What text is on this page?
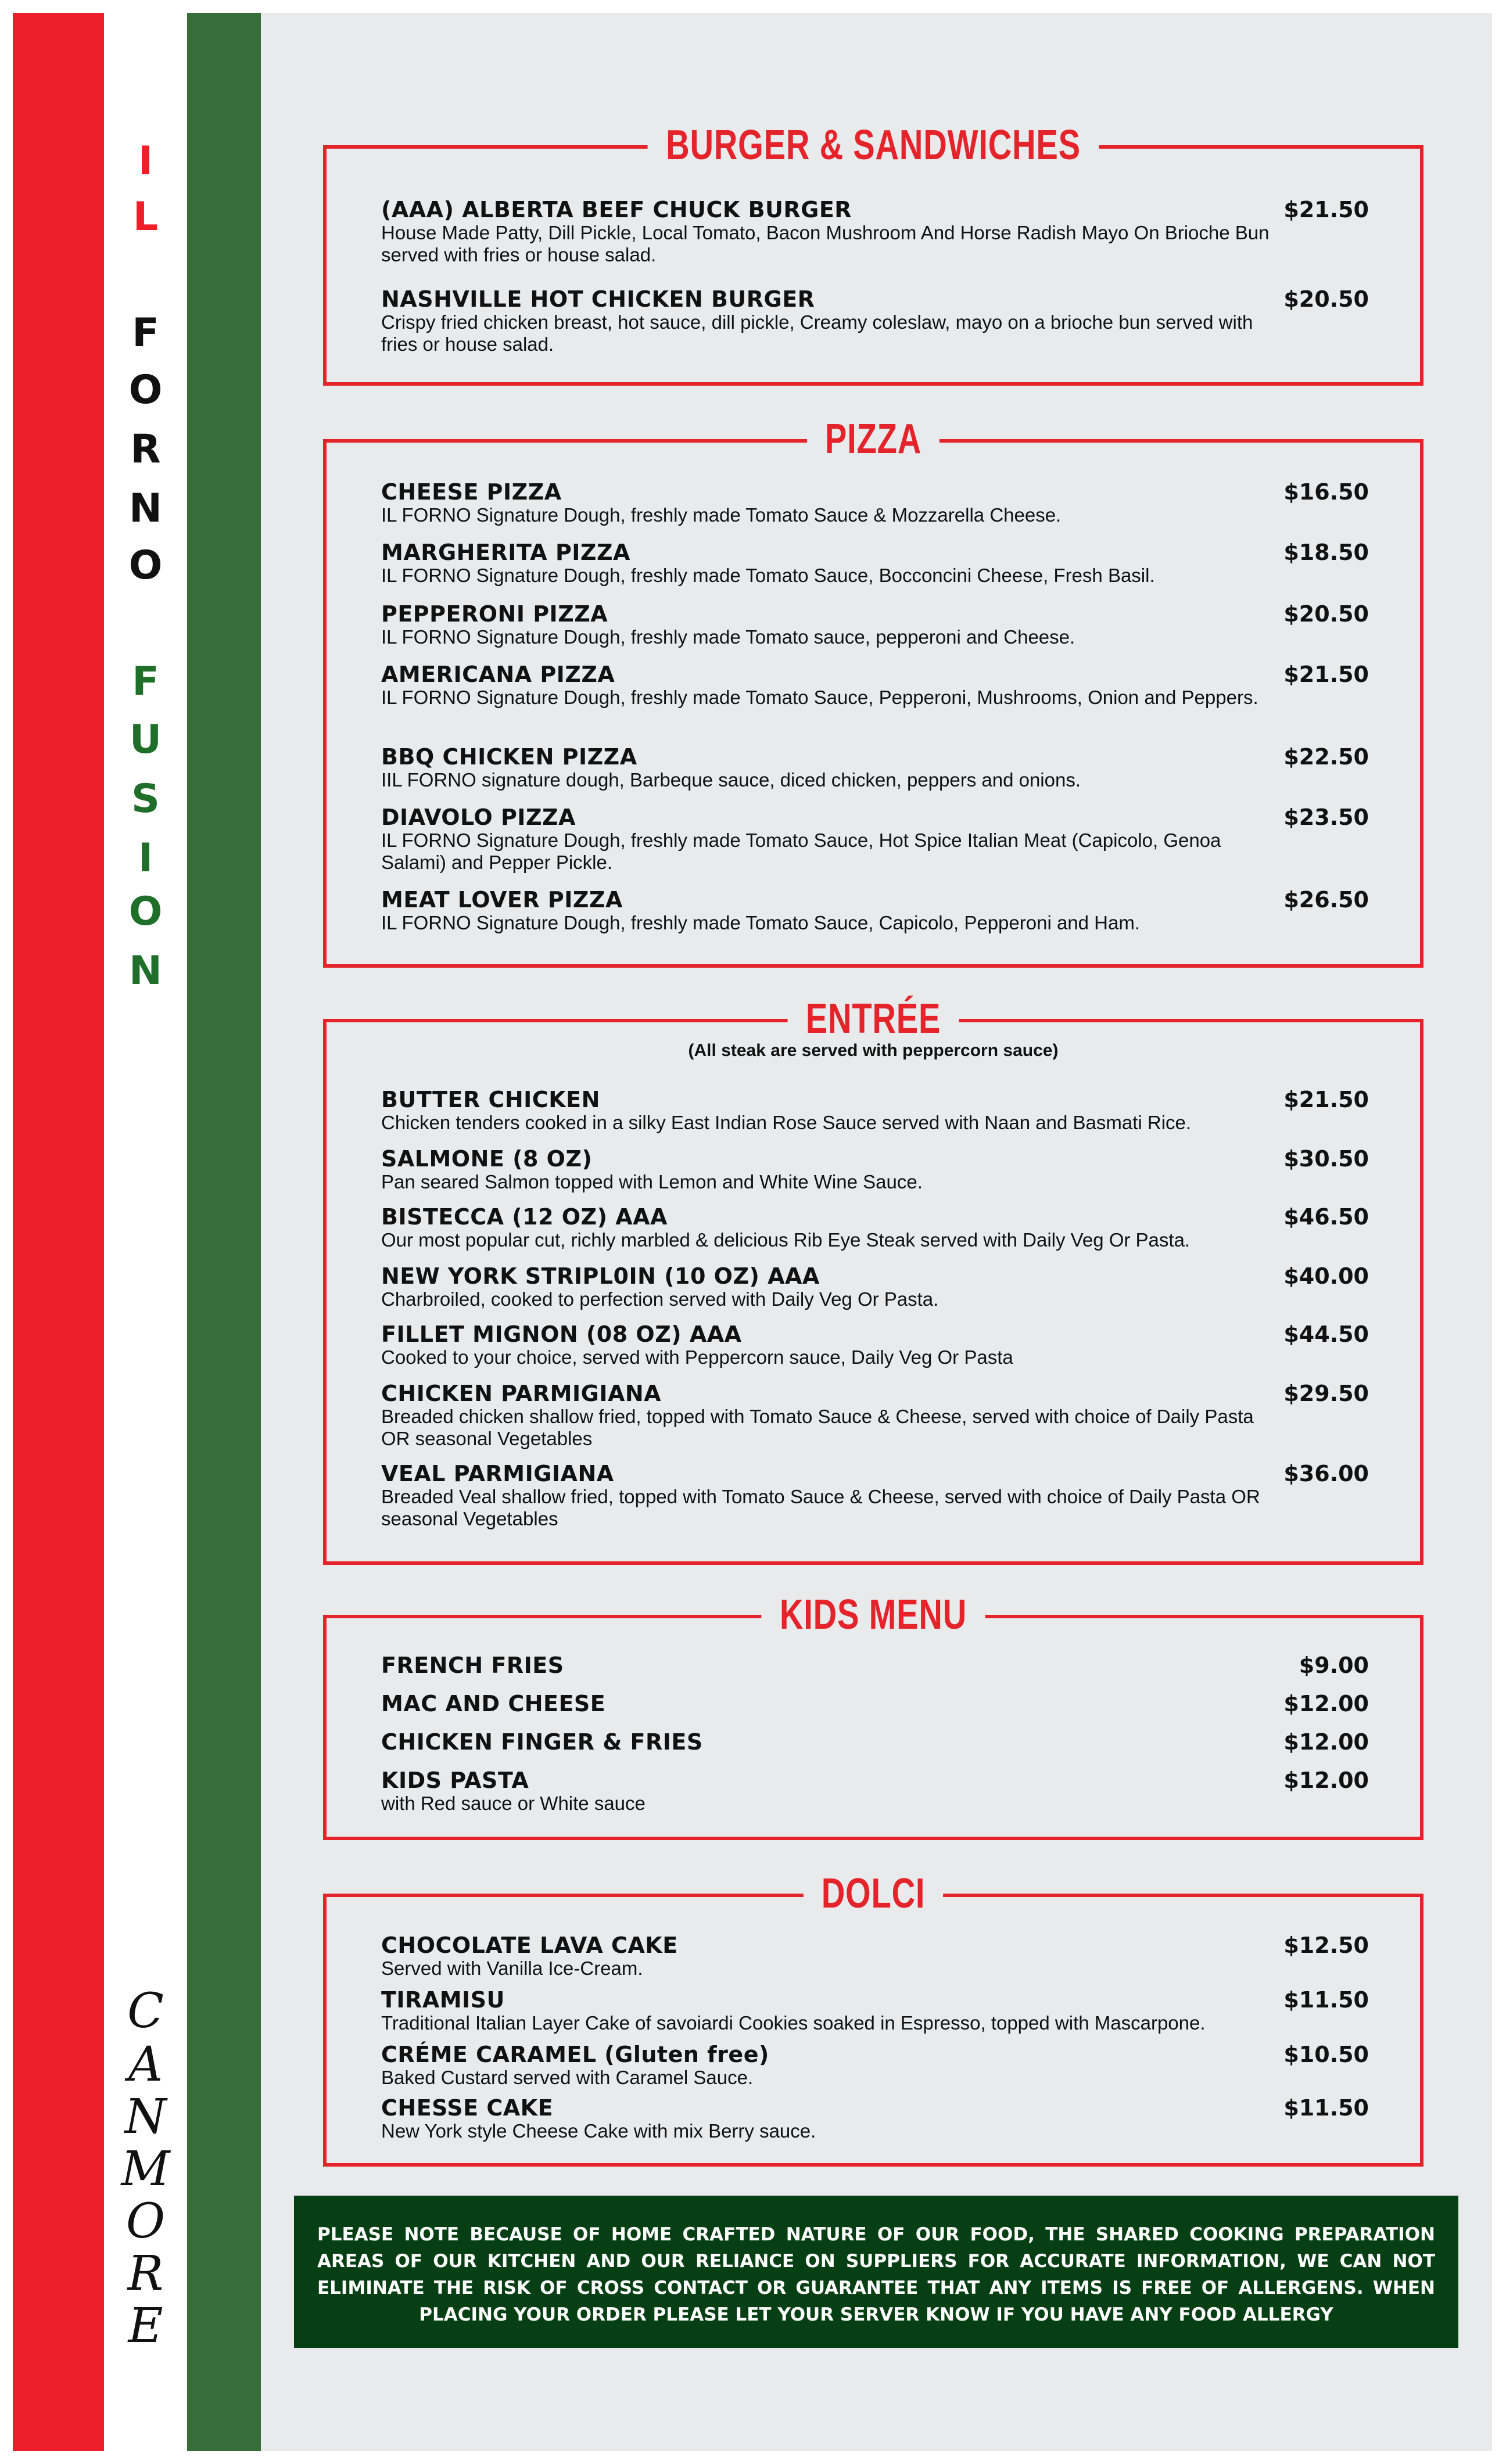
I
L
F
O
R
N
O
F
U
S
I
O
N
C
A
N
M
O
R
E
BURGER & SANDWICHES
(AAA) ALBERTA BEEF CHUCK BURGER
House Made Patty, Dill Pickle, Local Tomato, Bacon Mushroom And Horse Radish Mayo On Brioche Bun served with fries or house salad.
$21.50
NASHVILLE HOT CHICKEN BURGER
Crispy fried chicken breast, hot sauce, dill pickle, Creamy coleslaw, mayo on a brioche bun served with fries or house salad.
$20.50
PIZZA
CHEESE PIZZA
IL FORNO Signature Dough, freshly made Tomato Sauce & Mozzarella Cheese.
$16.50
MARGHERITA PIZZA
IL FORNO Signature Dough, freshly made Tomato Sauce, Bocconcini Cheese, Fresh Basil.
$18.50
PEPPERONI PIZZA
IL FORNO Signature Dough, freshly made Tomato sauce, pepperoni and Cheese.
$20.50
AMERICANA PIZZA
IL FORNO Signature Dough, freshly made Tomato Sauce, Pepperoni, Mushrooms, Onion and Peppers.
$21.50
BBQ CHICKEN PIZZA
IIL FORNO signature dough, Barbeque sauce, diced chicken, peppers and onions.
$22.50
DIAVOLO PIZZA
IL FORNO Signature Dough, freshly made Tomato Sauce, Hot Spice Italian Meat (Capicolo, Genoa Salami) and Pepper Pickle.
$23.50
MEAT LOVER PIZZA
IL FORNO Signature Dough, freshly made Tomato Sauce, Capicolo, Pepperoni and Ham.
$26.50
ENTRÉE
(All steak are served with peppercorn sauce)
BUTTER CHICKEN
Chicken tenders cooked in a silky East Indian Rose Sauce served with Naan and Basmati Rice.
$21.50
SALMONE (8 OZ)
Pan seared Salmon topped with Lemon and White Wine Sauce.
$30.50
BISTECCA (12 OZ) AAA
Our most popular cut, richly marbled & delicious Rib Eye Steak served with Daily Veg Or Pasta.
$46.50
NEW YORK STRIPL0IN (10 OZ) AAA
Charbroiled, cooked to perfection served with Daily Veg Or Pasta.
$40.00
FILLET MIGNON (08 OZ) AAA
Cooked to your choice, served with Peppercorn sauce, Daily Veg Or Pasta
$44.50
CHICKEN PARMIGIANA
Breaded chicken shallow fried, topped with Tomato Sauce & Cheese, served with choice of Daily Pasta OR seasonal Vegetables
$29.50
VEAL PARMIGIANA
Breaded Veal shallow fried, topped with Tomato Sauce & Cheese, served with choice of Daily Pasta OR seasonal Vegetables
$36.00
KIDS MENU
FRENCH FRIES	$9.00
MAC AND CHEESE	$12.00
CHICKEN FINGER & FRIES	$12.00
KIDS PASTA
with Red sauce or White sauce
$12.00
DOLCI
CHOCOLATE LAVA CAKE
Served with Vanilla Ice-Cream.
$12.50
TIRAMISU
Traditional Italian Layer Cake of savoiardi Cookies soaked in Espresso, topped with Mascarpone.
$11.50
CRÉME CARAMEL (Gluten free)
Baked Custard served with Caramel Sauce.
$10.50
CHESSE CAKE
New York style Cheese Cake with mix Berry sauce.
$11.50
PLEASE NOTE BECAUSE OF HOME CRAFTED NATURE OF OUR FOOD, THE SHARED COOKING PREPARATION AREAS OF OUR KITCHEN AND OUR RELIANCE ON SUPPLIERS FOR ACCURATE INFORMATION, WE CAN NOT ELIMINATE THE RISK OF CROSS CONTACT OR GUARANTEE THAT ANY ITEMS IS FREE OF ALLERGENS. WHEN PLACING YOUR ORDER PLEASE LET YOUR SERVER KNOW IF YOU HAVE ANY FOOD ALLERGY
